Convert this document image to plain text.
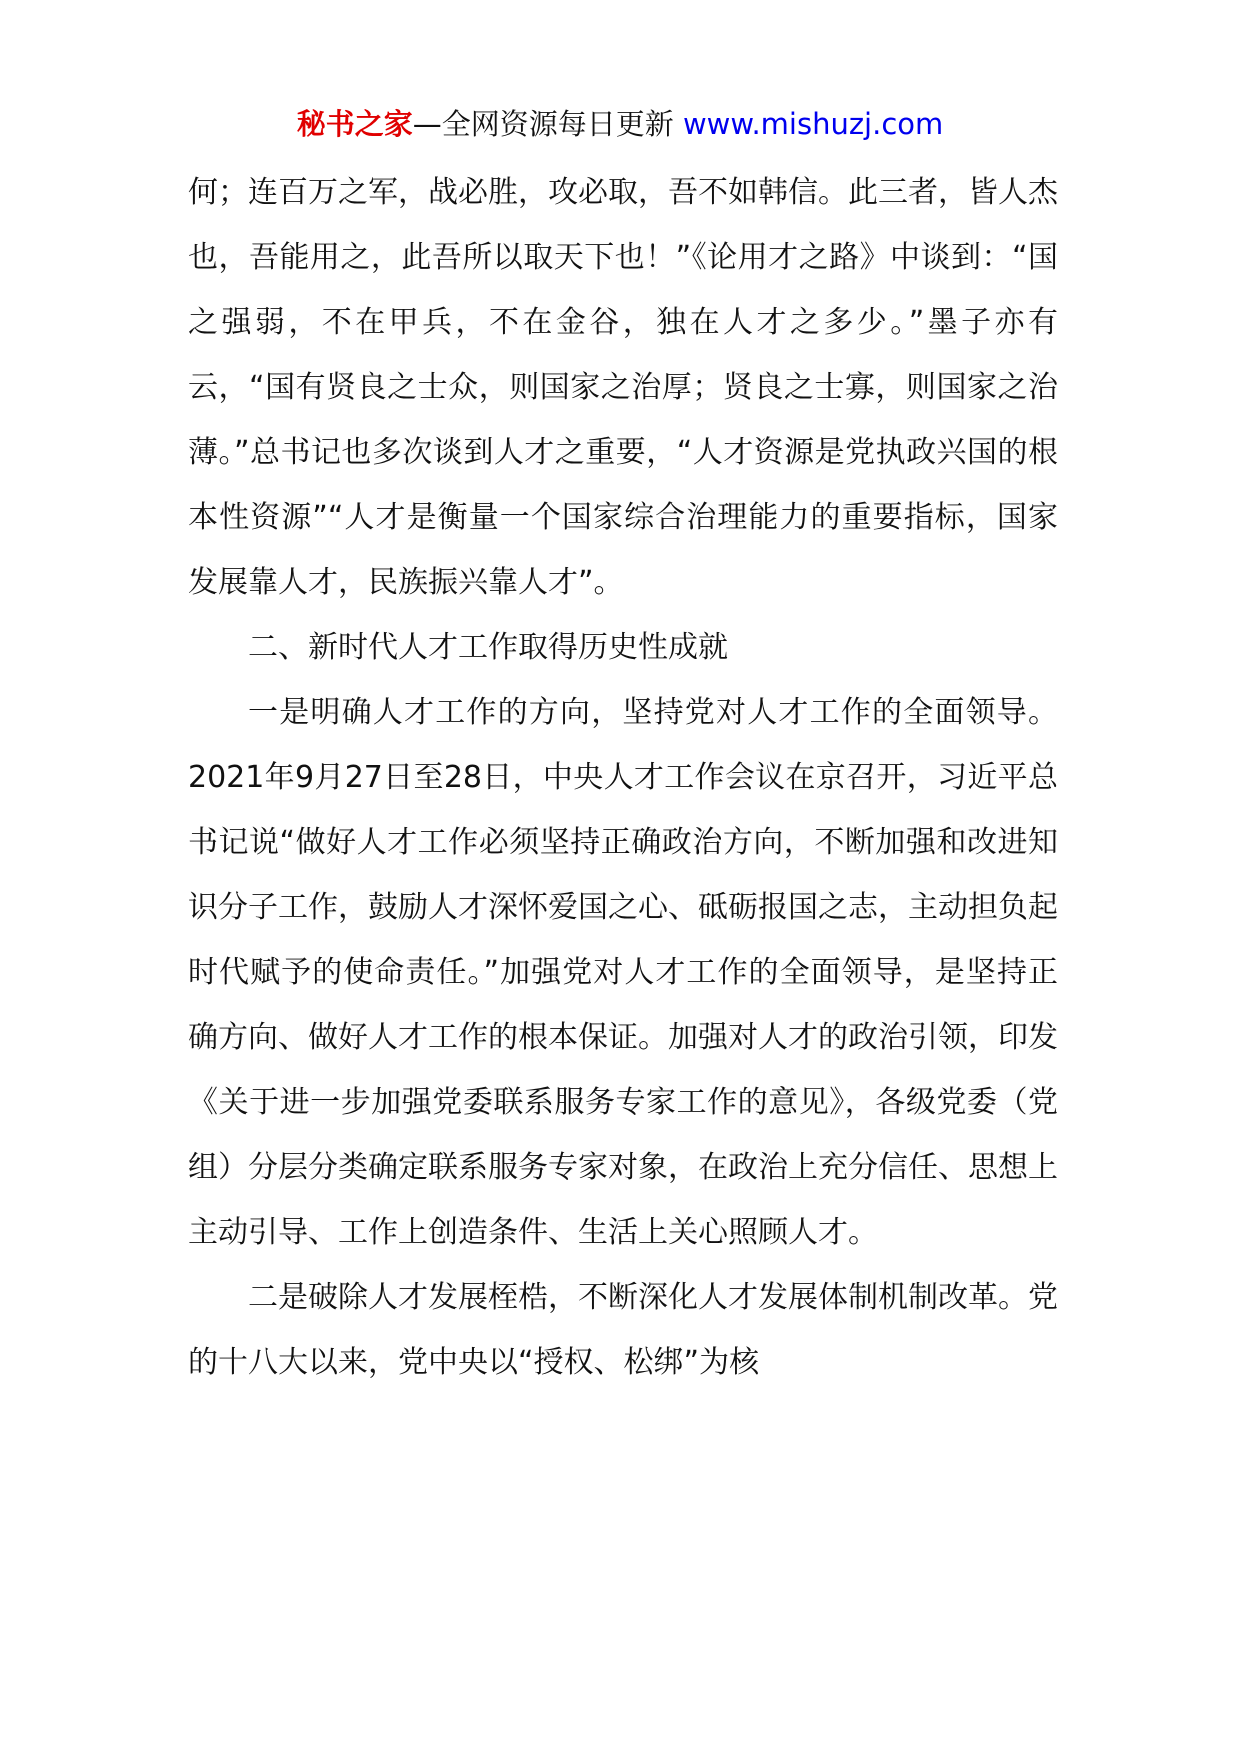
秘书之家—全网资源每日更新 www.mishuzj.com

何；连百万之军，战必胜，攻必取，吾不如韩信。此三者，皆人杰也，吾能用之，此吾所以取天下也！”《论用才之路》中谈到：“国之强弱，不在甲兵，不在金谷，独在人才之多少。”墨子亦有云，“国有贤良之士众，则国家之治厚；贤良之士寡，则国家之治薄。”总书记也多次谈到人才之重要，“人才资源是党执政兴国的根本性资源”“人才是衡量一个国家综合治理能力的重要指标，国家发展靠人才，民族振兴靠人才”。

二、新时代人才工作取得历史性成就

一是明确人才工作的方向，坚持党对人才工作的全面领导。2021年9月27日至28日，中央人才工作会议在京召开，习近平总书记说“做好人才工作必须坚持正确政治方向，不断加强和改进知识分子工作，鼓励人才深怀爱国之心、砥砺报国之志，主动担负起时代赋予的使命责任。”加强党对人才工作的全面领导，是坚持正确方向、做好人才工作的根本保证。加强对人才的政治引领，印发《关于进一步加强党委联系服务专家工作的意见》，各级党委（党组）分层分类确定联系服务专家对象，在政治上充分信任、思想上主动引导、工作上创造条件、生活上关心照顾人才。

二是破除人才发展桎梏，不断深化人才发展体制机制改革。党的十八大以来，党中央以“授权、松绑”为核
